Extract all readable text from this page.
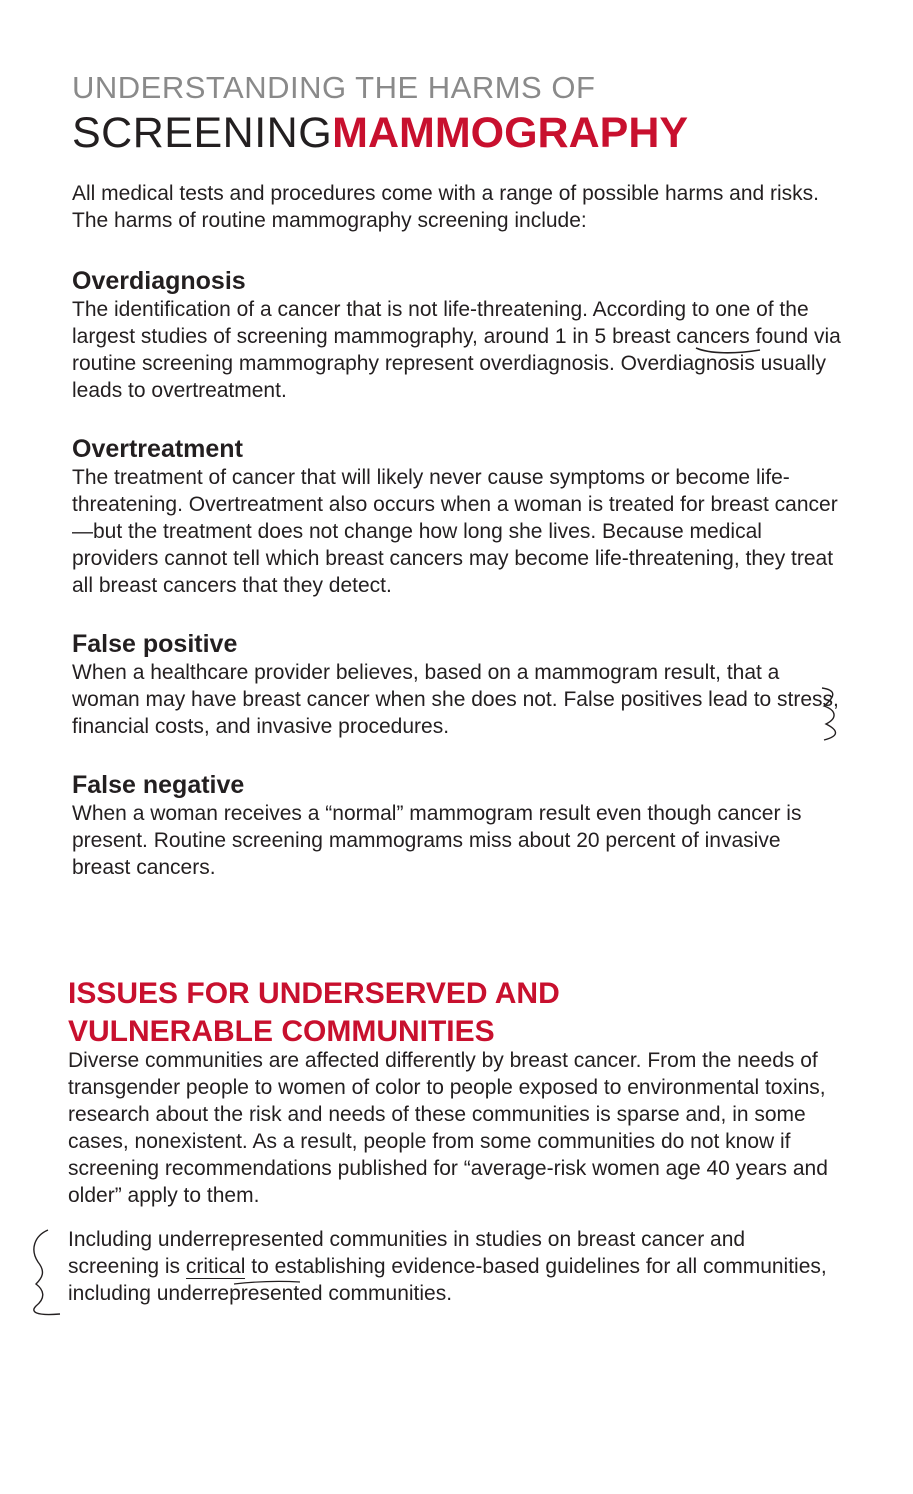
UNDERSTANDING THE HARMS OF
SCREENINGMAMMOGRAPHY

All medical tests and procedures come with a range of possible harms and risks. The harms of routine mammography screening include:

Overdiagnosis

The identification of a cancer that is not life-threatening. According to one of the largest studies of screening mammography, around 1 in 5 breast cancers found via routine screening mammography represent overdiagnosis. Overdiagnosis usually leads to overtreatment.

Overtreatment

The treatment of cancer that will likely never cause symptoms or become life-threatening. Overtreatment also occurs when a woman is treated for breast cancer—but the treatment does not change how long she lives. Because medical providers cannot tell which breast cancers may become life-threatening, they treat all breast cancers that they detect.

False positive

When a healthcare provider believes, based on a mammogram result, that a woman may have breast cancer when she does not. False positives lead to stress, financial costs, and invasive procedures.

False negative

When a woman receives a “normal” mammogram result even though cancer is present. Routine screening mammograms miss about 20 percent of invasive breast cancers.

ISSUES FOR UNDERSERVED AND
VULNERABLE COMMUNITIES

Diverse communities are affected differently by breast cancer. From the needs of transgender people to women of color to people exposed to environmental toxins, research about the risk and needs of these communities is sparse and, in some cases, nonexistent. As a result, people from some communities do not know if screening recommendations published for “average-risk women age 40 years and older” apply to them.

Including underrepresented communities in studies on breast cancer and screening is critical to establishing evidence-based guidelines for all communities, including underrepresented communities.
